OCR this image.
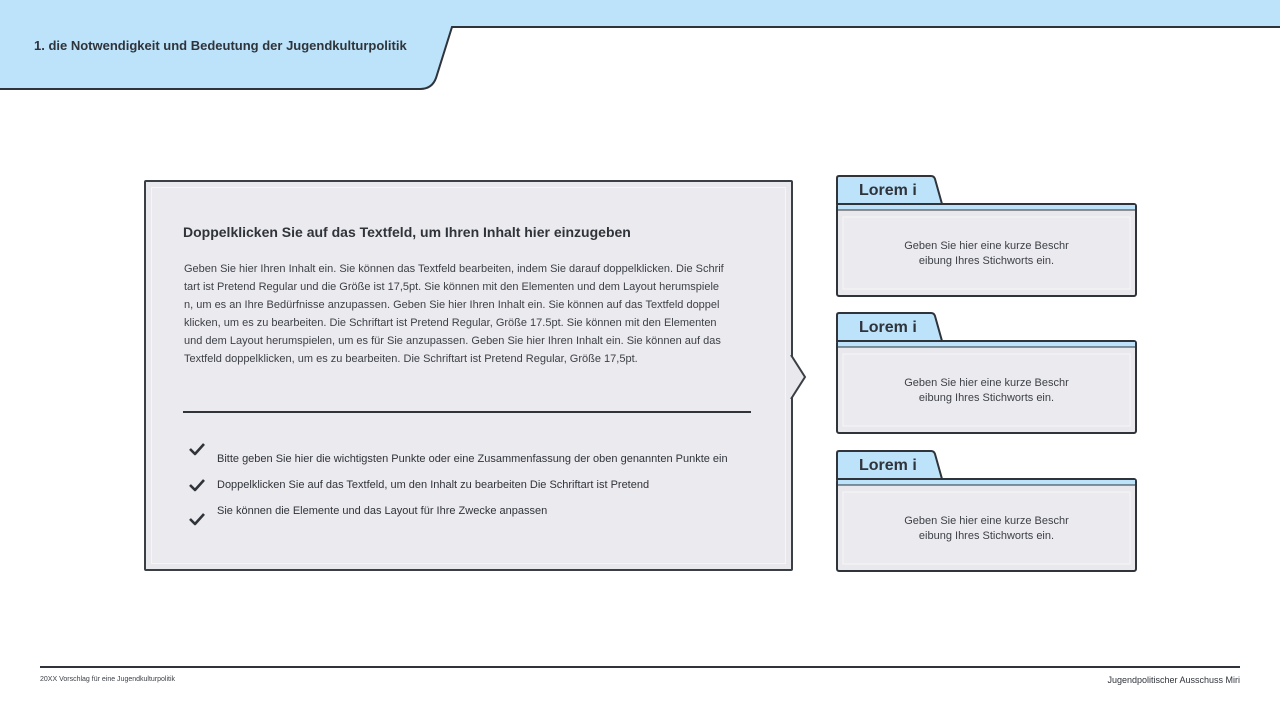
1. die Notwendigkeit und Bedeutung der Jugendkulturpolitik
Doppelklicken Sie auf das Textfeld, um Ihren Inhalt hier einzugeben
Geben Sie hier Ihren Inhalt ein. Sie können das Textfeld bearbeiten, indem Sie darauf doppelklicken. Die Schriftart ist Pretend Regular und die Größe ist 17,5pt. Sie können mit den Elementen und dem Layout herumspielen, um es an Ihre Bedürfnisse anzupassen. Geben Sie hier Ihren Inhalt ein. Sie können auf das Textfeld doppelklicken, um es zu bearbeiten. Die Schriftart ist Pretend Regular, Größe 17.5pt. Sie können mit den Elementen und dem Layout herumspielen, um es für Sie anzupassen. Geben Sie hier Ihren Inhalt ein. Sie können auf das Textfeld doppelklicken, um es zu bearbeiten. Die Schriftart ist Pretend Regular, Größe 17,5pt.
Bitte geben Sie hier die wichtigsten Punkte oder eine Zusammenfassung der oben genannten Punkte ein
Doppelklicken Sie auf das Textfeld, um den Inhalt zu bearbeiten Die Schriftart ist Pretend
Sie können die Elemente und das Layout für Ihre Zwecke anpassen
Lorem i
Geben Sie hier eine kurze Beschreibung Ihres Stichworts ein.
Lorem i
Geben Sie hier eine kurze Beschreibung Ihres Stichworts ein.
Lorem i
Geben Sie hier eine kurze Beschreibung Ihres Stichworts ein.
20XX Vorschlag für eine Jugendkulturpolitik	Jugendpolitischer Ausschuss Miri
